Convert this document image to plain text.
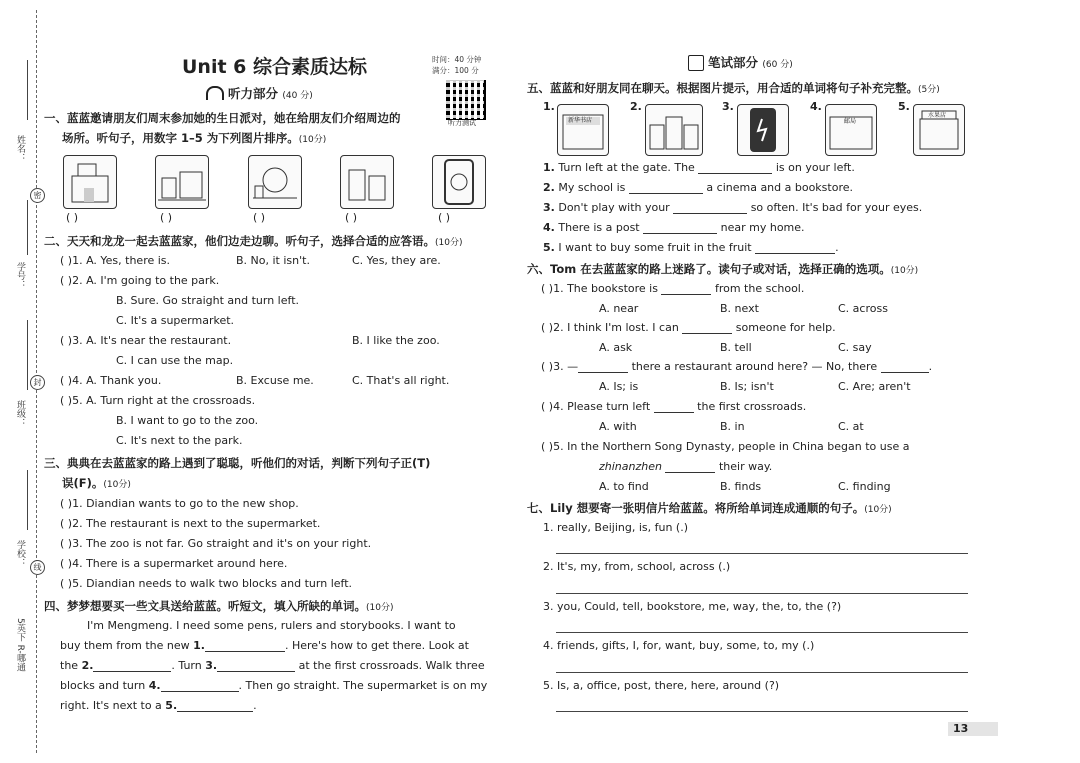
姓名：
学号：
班级：
学校：
5英下 R-哪通
密
封
线
Unit 6 综合素质达标	时间：40 分钟
满分：100 分
听力测试
听力部分 (40 分)
一、蓝蓝邀请朋友们周末参加她的生日派对，她在给朋友们介绍周边的
场所。听句子，用数字 1–5 为下列图片排序。(10分)
( )	( )	( )	( )	( )
二、天天和龙龙一起去蓝蓝家，他们边走边聊。听句子，选择合适的应答语。(10分)
( )1. A. Yes, there is.	B. No, it isn't.	C. Yes, they are.
( )2. A. I'm going to the park.
B. Sure. Go straight and turn left.
C. It's a supermarket.
( )3. A. It's near the restaurant.	B. I like the zoo.
C. I can use the map.
( )4. A. Thank you.	B. Excuse me.	C. That's all right.
( )5. A. Turn right at the crossroads.
B. I want to go to the zoo.
C. It's next to the park.
三、典典在去蓝蓝家的路上遇到了聪聪，听他们的对话，判断下列句子正(T)
误(F)。(10分)
( )1. Diandian wants to go to the new shop.
( )2. The restaurant is next to the supermarket.
( )3. The zoo is not far. Go straight and it's on your right.
( )4. There is a supermarket around here.
( )5. Diandian needs to walk two blocks and turn left.
四、梦梦想要买一些文具送给蓝蓝。听短文，填入所缺的单词。(10分)
I'm Mengmeng. I need some pens, rulers and storybooks. I want to
buy them from the new 1.	. Here's how to get there. Look at
the 2.	. Turn 3.	at the first crossroads. Walk three
blocks and turn 4.	. Then go straight. The supermarket is on my
right. It's next to a 5.	.
笔试部分 (60 分)
五、蓝蓝和好朋友同在聊天。根据图片提示，用合适的单词将句子补充完整。(5分)
1.
新华书店
2.	3.	4.
邮局
5.
水果店
1. Turn left at the gate. The	is on your left.
2. My school is	a cinema and a bookstore.
3. Don't play with your	so often. It's bad for your eyes.
4. There is a post	near my home.
5. I want to buy some fruit in the fruit	.
六、Tom 在去蓝蓝家的路上迷路了。读句子或对话，选择正确的选项。(10分)
( )1. The bookstore is	from the school.
A. near	B. next	C. across
( )2. I think I'm lost. I can	someone for help.
A. ask	B. tell	C. say
( )3. —	there a restaurant around here? — No, there	.
A. Is; is	B. Is; isn't	C. Are; aren't
( )4. Please turn left	the first crossroads.
A. with	B. in	C. at
( )5. In the Northern Song Dynasty, people in China began to use a
zhinanzhen	their way.
A. to find	B. finds	C. finding
七、Lily 想要寄一张明信片给蓝蓝。将所给单词连成通顺的句子。(10分)
1. really, Beijing, is, fun (.)
2. It's, my, from, school, across (.)
3. you, Could, tell, bookstore, me, way, the, to, the (?)
4. friends, gifts, I, for, want, buy, some, to, my (.)
5. Is, a, office, post, there, here, around (?)
13
